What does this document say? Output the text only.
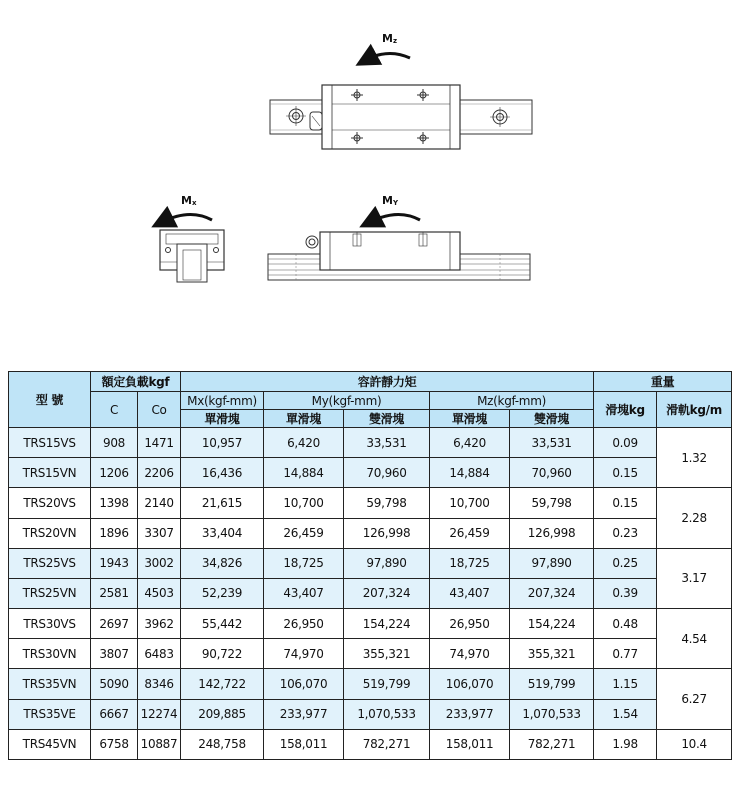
Mz
Mx	MY
型 號	額定負載kgf		容許靜力矩					重量	
	C	Co	Mx(kgf-mm)	My(kgf-mm)		Mz(kgf-mm)		滑塊kg	滑軌kg/m
			單滑塊	單滑塊	雙滑塊	單滑塊	雙滑塊		
TRS15VS	908	1471	10,957	6,420	33,531	6,420	33,531	0.09	1.32
TRS15VN	1206	2206	16,436	14,884	70,960	14,884	70,960	0.15	
TRS20VS	1398	2140	21,615	10,700	59,798	10,700	59,798	0.15	2.28
TRS20VN	1896	3307	33,404	26,459	126,998	26,459	126,998	0.23	
TRS25VS	1943	3002	34,826	18,725	97,890	18,725	97,890	0.25	3.17
TRS25VN	2581	4503	52,239	43,407	207,324	43,407	207,324	0.39	
TRS30VS	2697	3962	55,442	26,950	154,224	26,950	154,224	0.48	4.54
TRS30VN	3807	6483	90,722	74,970	355,321	74,970	355,321	0.77	
TRS35VN	5090	8346	142,722	106,070	519,799	106,070	519,799	1.15	6.27
TRS35VE	6667	12274	209,885	233,977	1,070,533	233,977	1,070,533	1.54	
TRS45VN	6758	10887	248,758	158,011	782,271	158,011	782,271	1.98	10.4
